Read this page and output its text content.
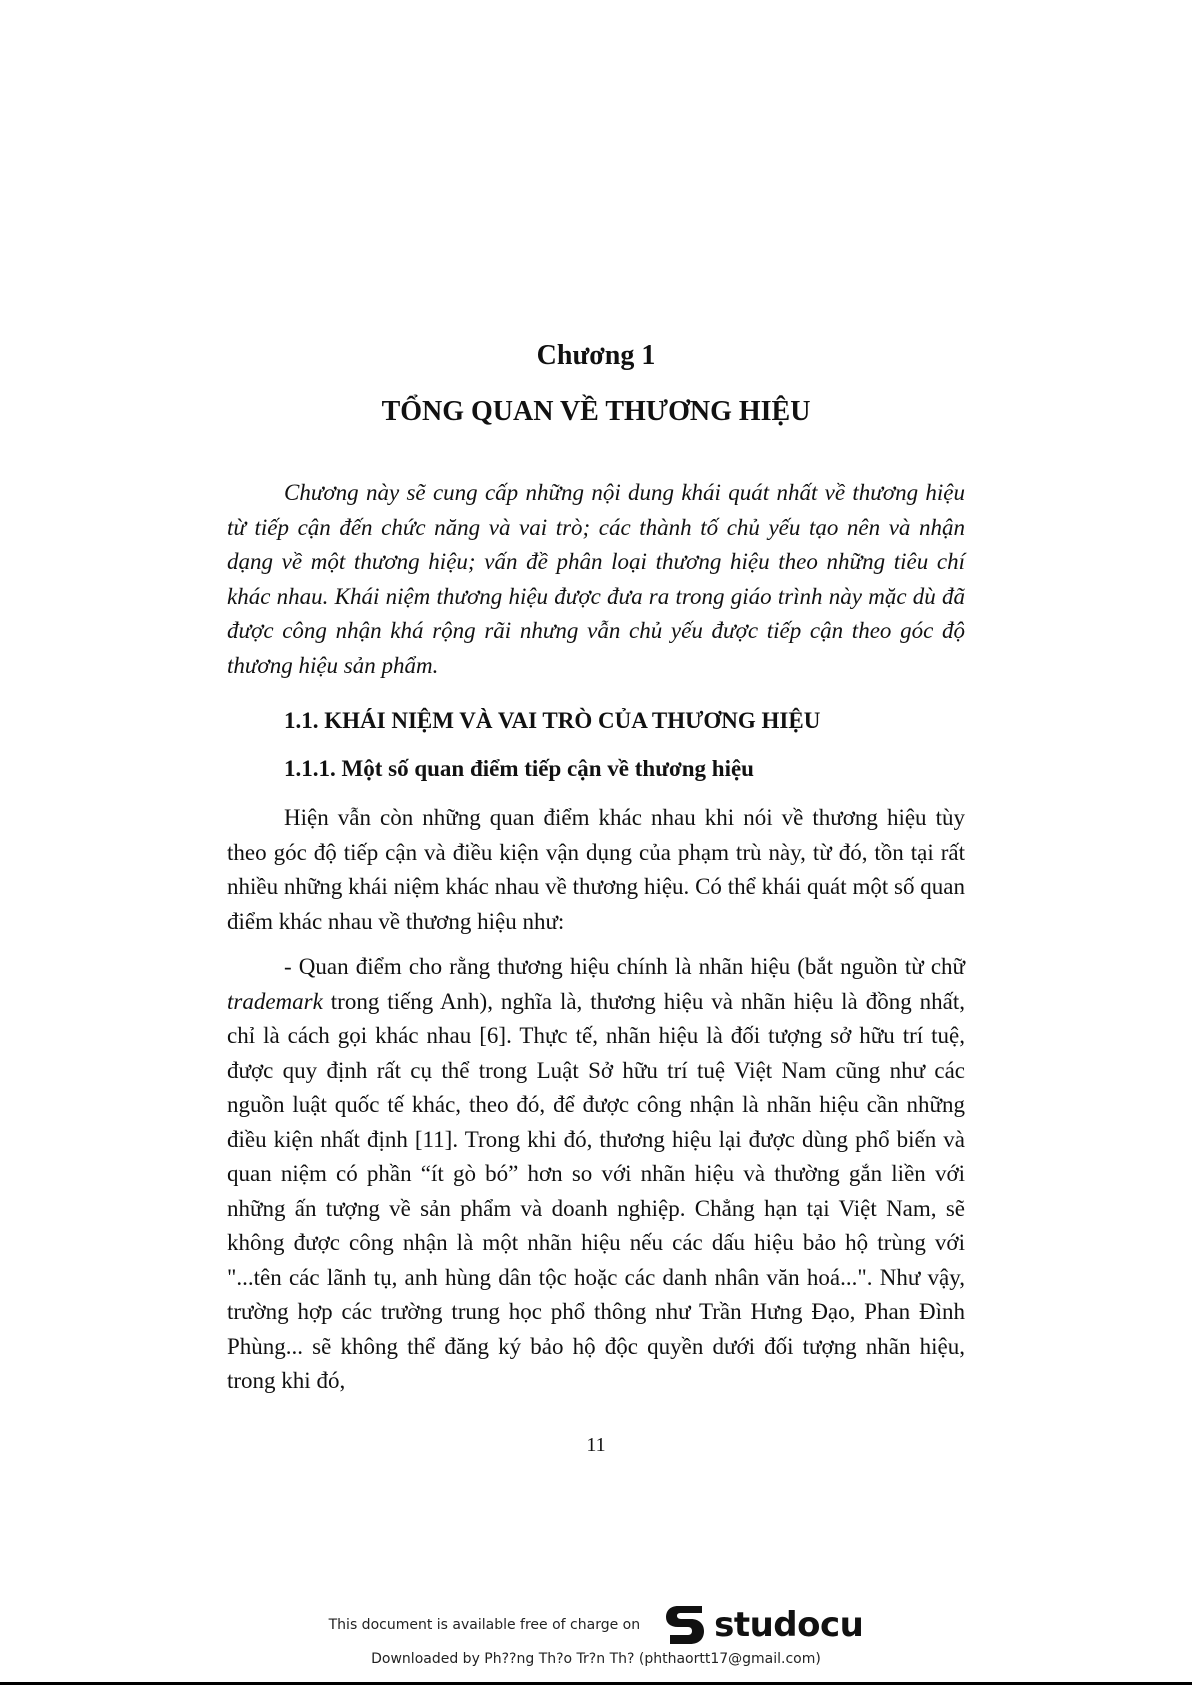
Chương 1
TỔNG QUAN VỀ THƯƠNG HIỆU

Chương này sẽ cung cấp những nội dung khái quát nhất về thương hiệu từ tiếp cận đến chức năng và vai trò; các thành tố chủ yếu tạo nên và nhận dạng về một thương hiệu; vấn đề phân loại thương hiệu theo những tiêu chí khác nhau. Khái niệm thương hiệu được đưa ra trong giáo trình này mặc dù đã được công nhận khá rộng rãi nhưng vẫn chủ yếu được tiếp cận theo góc độ thương hiệu sản phẩm.

1.1. KHÁI NIỆM VÀ VAI TRÒ CỦA THƯƠNG HIỆU
1.1.1. Một số quan điểm tiếp cận về thương hiệu

Hiện vẫn còn những quan điểm khác nhau khi nói về thương hiệu tùy theo góc độ tiếp cận và điều kiện vận dụng của phạm trù này, từ đó, tồn tại rất nhiều những khái niệm khác nhau về thương hiệu. Có thể khái quát một số quan điểm khác nhau về thương hiệu như:

- Quan điểm cho rằng thương hiệu chính là nhãn hiệu (bắt nguồn từ chữ trademark trong tiếng Anh), nghĩa là, thương hiệu và nhãn hiệu là đồng nhất, chỉ là cách gọi khác nhau [6]. Thực tế, nhãn hiệu là đối tượng sở hữu trí tuệ, được quy định rất cụ thể trong Luật Sở hữu trí tuệ Việt Nam cũng như các nguồn luật quốc tế khác, theo đó, để được công nhận là nhãn hiệu cần những điều kiện nhất định [11]. Trong khi đó, thương hiệu lại được dùng phổ biến và quan niệm có phần “ít gò bó” hơn so với nhãn hiệu và thường gắn liền với những ấn tượng về sản phẩm và doanh nghiệp. Chẳng hạn tại Việt Nam, sẽ không được công nhận là một nhãn hiệu nếu các dấu hiệu bảo hộ trùng với "...tên các lãnh tụ, anh hùng dân tộc hoặc các danh nhân văn hoá...". Như vậy, trường hợp các trường trung học phổ thông như Trần Hưng Đạo, Phan Đình Phùng... sẽ không thể đăng ký bảo hộ độc quyền dưới đối tượng nhãn hiệu, trong khi đó,

11
This document is available free of charge on studocu
Downloaded by Ph??ng Th?o Tr?n Th? (phthaortt17@gmail.com)
